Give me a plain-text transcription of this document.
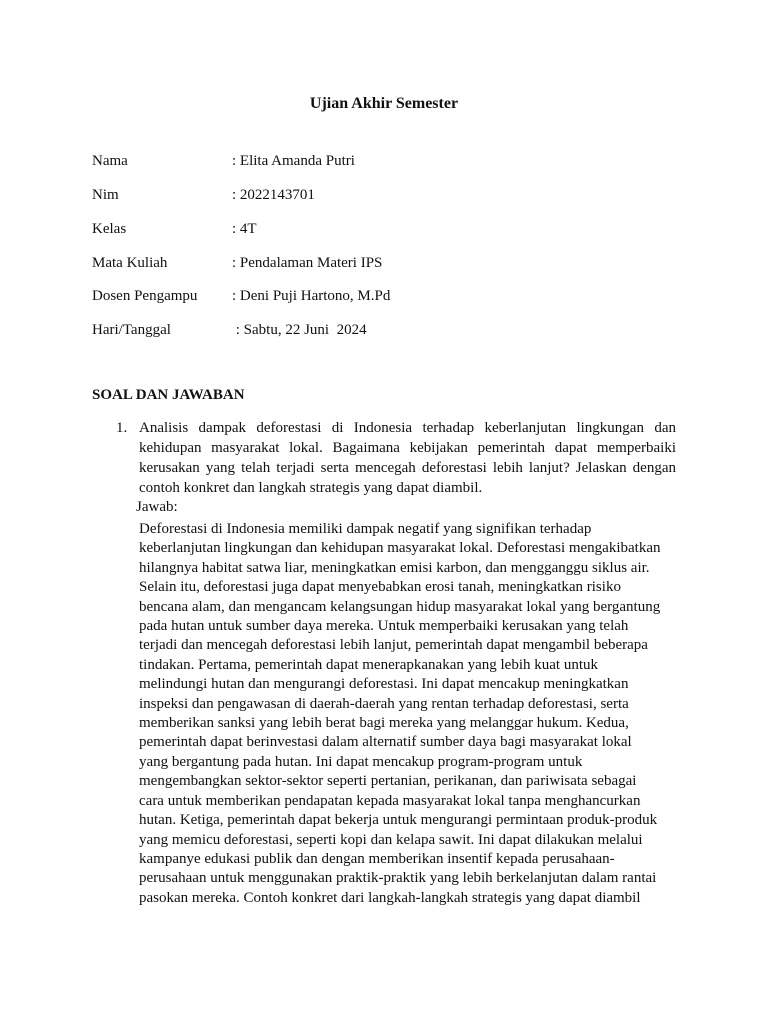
Ujian Akhir Semester
Nama	: Elita Amanda Putri
Nim	: 2022143701
Kelas	: 4T
Mata Kuliah	: Pendalaman Materi IPS
Dosen Pengampu : Deni Puji Hartono, M.Pd
Hari/Tanggal	: Sabtu, 22 Juni  2024
SOAL DAN JAWABAN
1. Analisis dampak deforestasi di Indonesia terhadap keberlanjutan lingkungan dan
kehidupan masyarakat lokal. Bagaimana kebijakan pemerintah dapat memperbaiki
kerusakan yang telah terjadi serta mencegah deforestasi lebih lanjut? Jelaskan dengan
contoh konkret dan langkah strategis yang dapat diambil.
Jawab:
Deforestasi di Indonesia memiliki dampak negatif yang signifikan terhadap
keberlanjutan lingkungan dan kehidupan masyarakat lokal. Deforestasi mengakibatkan
hilangnya habitat satwa liar, meningkatkan emisi karbon, dan mengganggu siklus air.
Selain itu, deforestasi juga dapat menyebabkan erosi tanah, meningkatkan risiko
bencana alam, dan mengancam kelangsungan hidup masyarakat lokal yang bergantung
pada hutan untuk sumber daya mereka. Untuk memperbaiki kerusakan yang telah
terjadi dan mencegah deforestasi lebih lanjut, pemerintah dapat mengambil beberapa
tindakan. Pertama, pemerintah dapat menerapkanakan yang lebih kuat untuk
melindungi hutan dan mengurangi deforestasi. Ini dapat mencakup meningkatkan
inspeksi dan pengawasan di daerah-daerah yang rentan terhadap deforestasi, serta
memberikan sanksi yang lebih berat bagi mereka yang melanggar hukum. Kedua,
pemerintah dapat berinvestasi dalam alternatif sumber daya bagi masyarakat lokal
yang bergantung pada hutan. Ini dapat mencakup program-program untuk
mengembangkan sektor-sektor seperti pertanian, perikanan, dan pariwisata sebagai
cara untuk memberikan pendapatan kepada masyarakat lokal tanpa menghancurkan
hutan. Ketiga, pemerintah dapat bekerja untuk mengurangi permintaan produk-produk
yang memicu deforestasi, seperti kopi dan kelapa sawit. Ini dapat dilakukan melalui
kampanye edukasi publik dan dengan memberikan insentif kepada perusahaan-
perusahaan untuk menggunakan praktik-praktik yang lebih berkelanjutan dalam rantai
pasokan mereka. Contoh konkret dari langkah-langkah strategis yang dapat diambil
